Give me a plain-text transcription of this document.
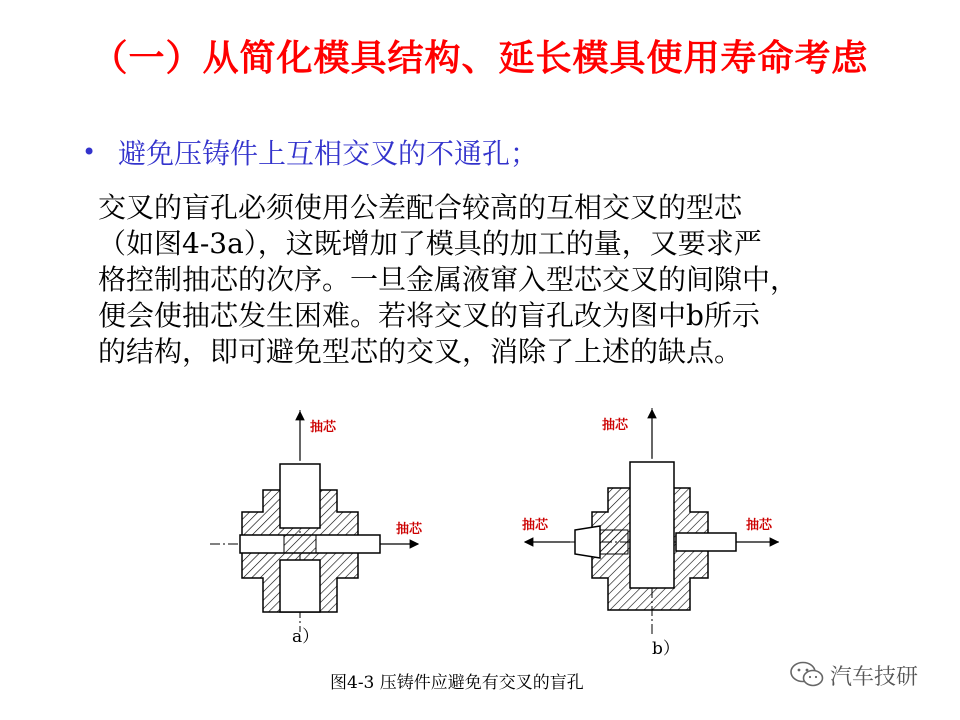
（一）从简化模具结构、延长模具使用寿命考虑
• 避免压铸件上互相交叉的不通孔；

交叉的盲孔必须使用公差配合较高的互相交叉的型芯
（如图4-3a），这既增加了模具的加工的量，又要求严
格控制抽芯的次序。一旦金属液窜入型芯交叉的间隙中，
便会使抽芯发生困难。若将交叉的盲孔改为图中b所示
的结构，即可避免型芯的交叉，消除了上述的缺点。

抽芯
抽芯
抽芯
抽芯	抽芯
a）
b）
图4-3 压铸件应避免有交叉的盲孔	汽车技研
